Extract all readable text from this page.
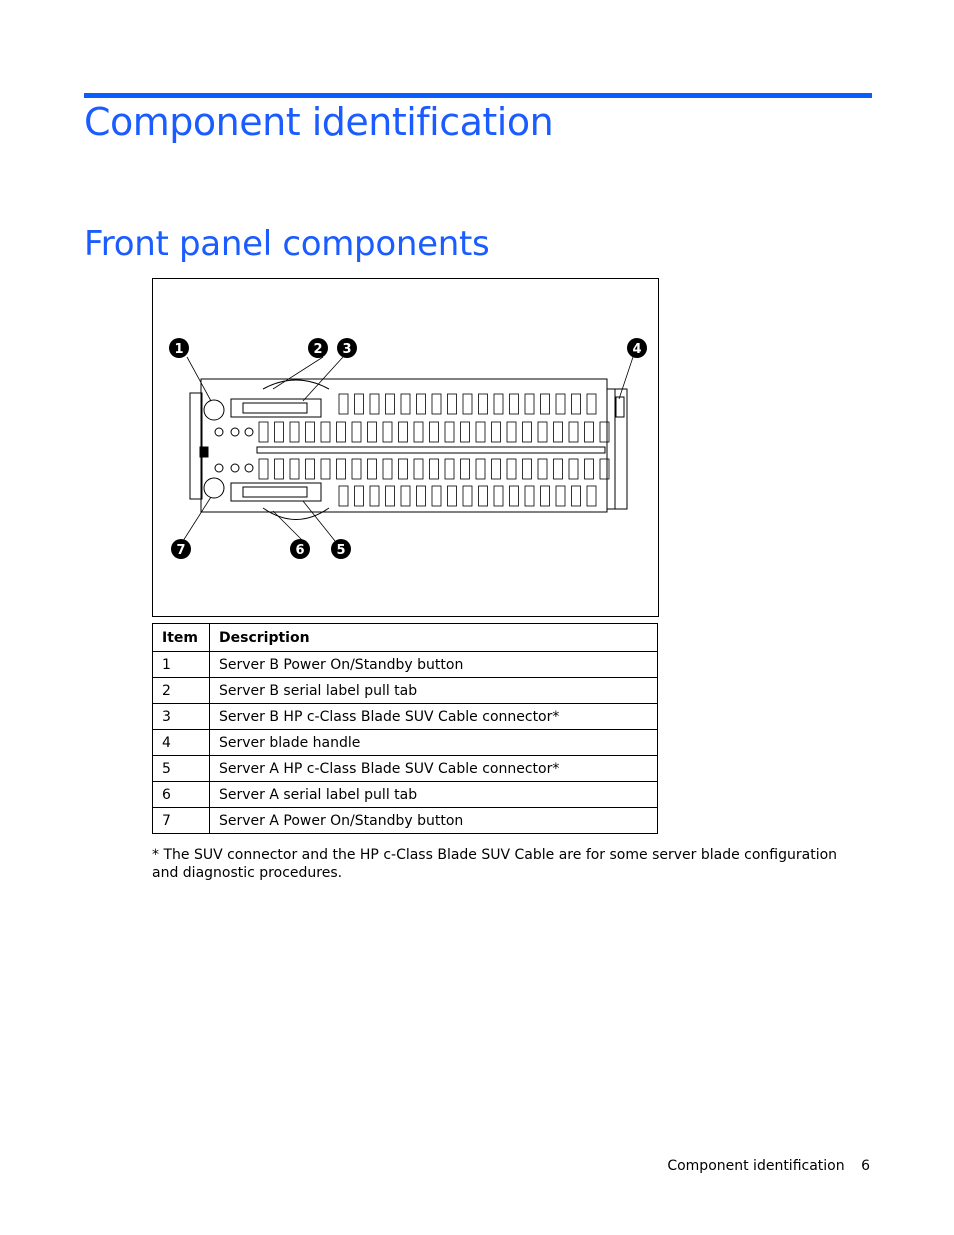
Component identification
Front panel components
1	2 3	4
5
6
7
Item	Description
1	Server B Power On/Standby button
2	Server B serial label pull tab
3	Server B HP c-Class Blade SUV Cable connector*
4	Server blade handle
5	Server A HP c-Class Blade SUV Cable connector*
6	Server A serial label pull tab
7	Server A Power On/Standby button

* The SUV connector and the HP c-Class Blade SUV Cable are for some server blade configuration and diagnostic procedures.

Component identification 6
